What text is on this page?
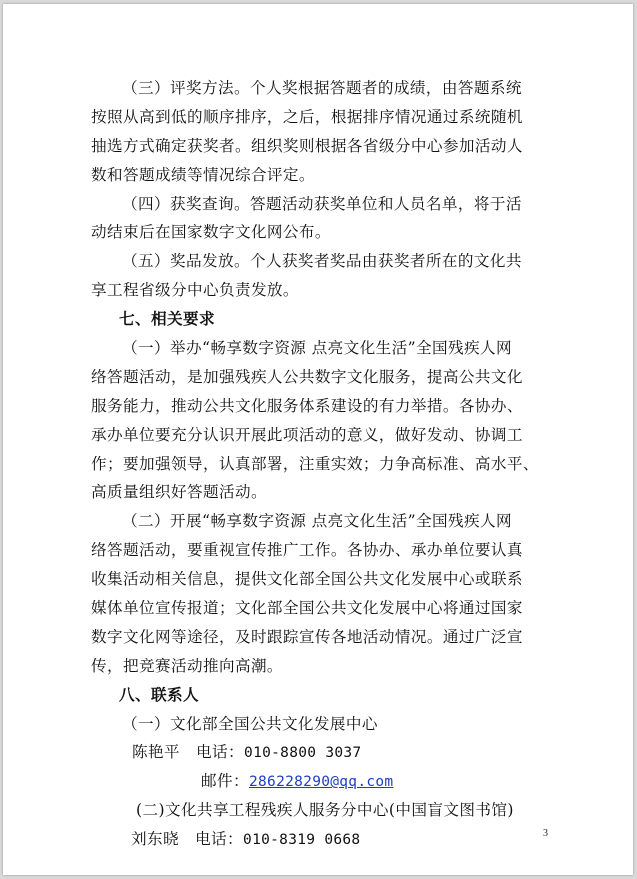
（三）评奖方法。个人奖根据答题者的成绩，由答题系统
按照从高到低的顺序排序，之后，根据排序情况通过系统随机
抽选方式确定获奖者。组织奖则根据各省级分中心参加活动人
数和答题成绩等情况综合评定。
（四）获奖查询。答题活动获奖单位和人员名单，将于活
动结束后在国家数字文化网公布。
（五）奖品发放。个人获奖者奖品由获奖者所在的文化共
享工程省级分中心负责发放。
七、相关要求
（一）举办“畅享数字资源 点亮文化生活”全国残疾人网
络答题活动，是加强残疾人公共数字文化服务，提高公共文化
服务能力，推动公共文化服务体系建设的有力举措。各协办、
承办单位要充分认识开展此项活动的意义，做好发动、协调工
作；要加强领导，认真部署，注重实效；力争高标准、高水平、
高质量组织好答题活动。
（二）开展“畅享数字资源 点亮文化生活”全国残疾人网
络答题活动，要重视宣传推广工作。各协办、承办单位要认真
收集活动相关信息，提供文化部全国公共文化发展中心或联系
媒体单位宣传报道；文化部全国公共文化发展中心将通过国家
数字文化网等途径，及时跟踪宣传各地活动情况。通过广泛宣
传，把竞赛活动推向高潮。
八、联系人
（一）文化部全国公共文化发展中心
陈艳平 电话：010-8800 3037
邮件：286228290@qq.com
(二)文化共享工程残疾人服务分中心(中国盲文图书馆)
刘东晓 电话：010-8319 0668	3
